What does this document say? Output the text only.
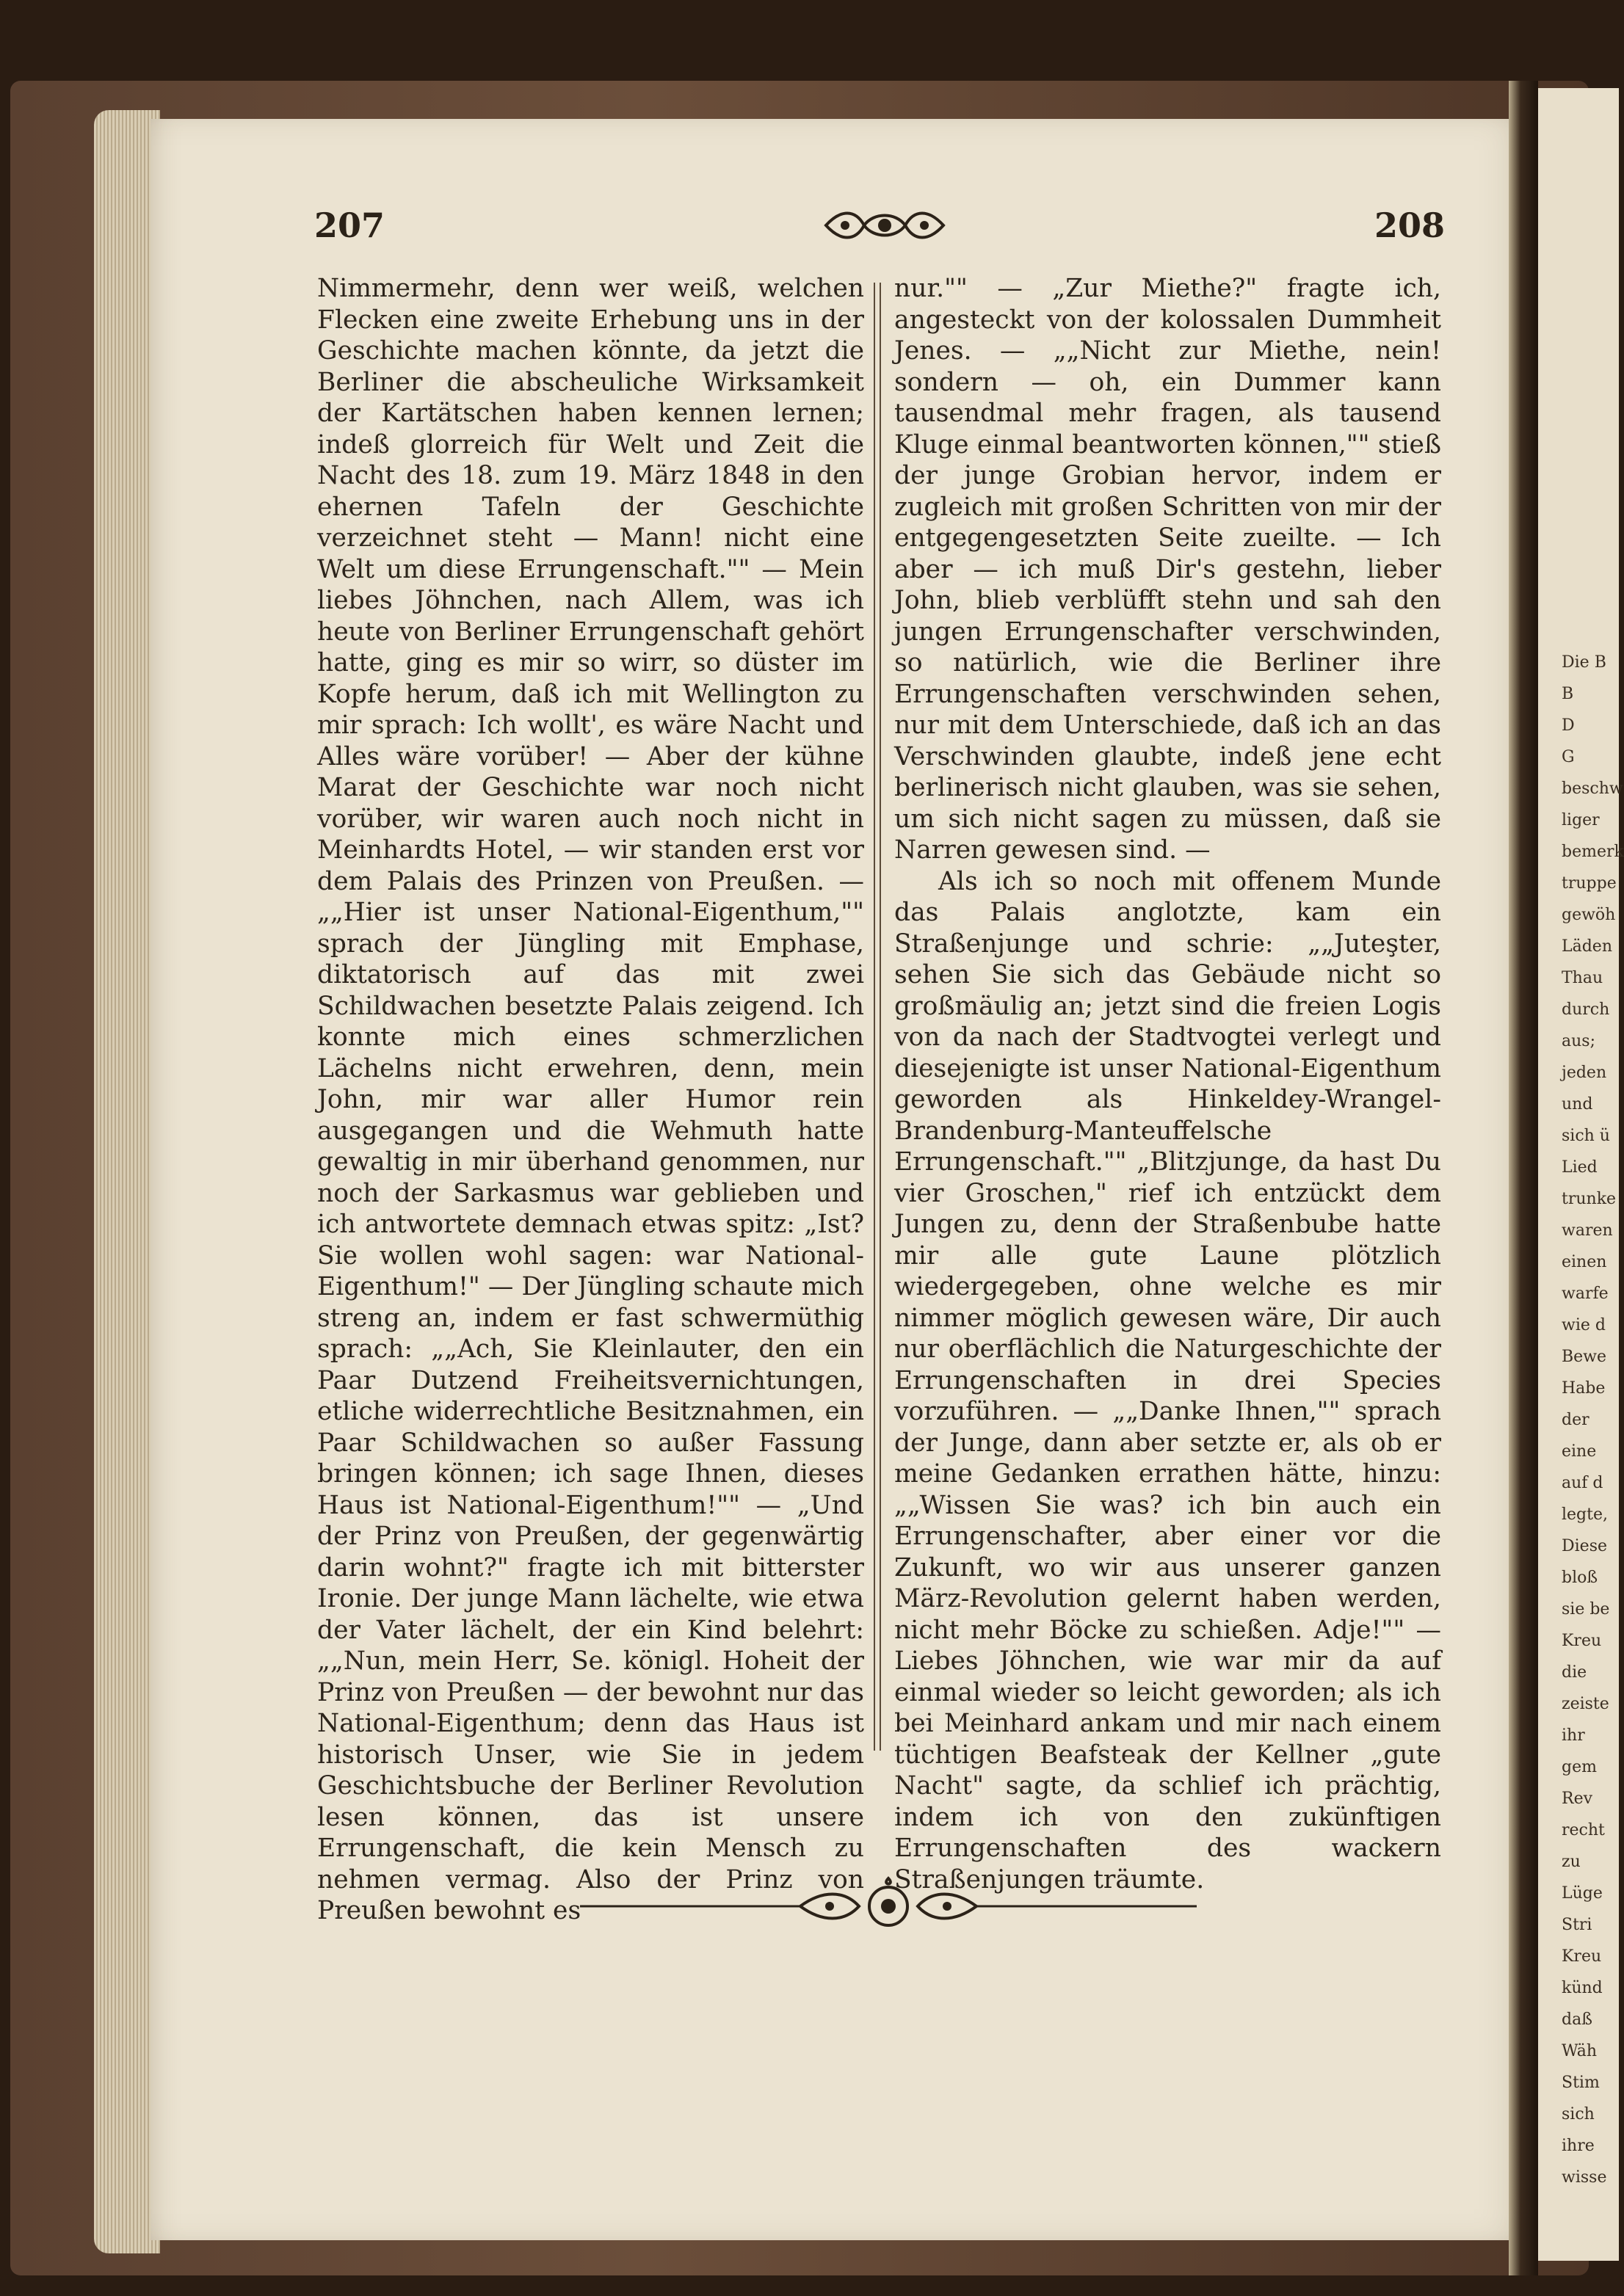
Die B
B
D
G
beschw
liger
bemerk
truppe
gewöh
Läden
Thau
durch
aus;
jeden
und
sich ü
Lied
trunke
waren
einen
warfe
wie d
Bewe
Habe
der
eine
auf d
legte,
Diese
bloß
sie be
Kreu
die
zeiste
ihr
gem
Rev
recht
zu
Lüge
Stri
Kreu
künd
daß
Wäh
Stim
sich
ihre
wisse
207	208

Nimmermehr, denn wer weiß, welchen Flecken eine zweite Erhebung uns in der Geschichte machen könnte, da jetzt die Berliner die abscheuliche Wirksamkeit der Kartätschen haben kennen lernen; indeß glorreich für Welt und Zeit die Nacht des 18. zum 19. März 1848 in den ehernen Tafeln der Geschichte verzeichnet steht — Mann! nicht eine Welt um diese Errungenschaft."" — Mein liebes Jöhnchen, nach Allem, was ich heute von Berliner Errungenschaft gehört hatte, ging es mir so wirr, so düster im Kopfe herum, daß ich mit Wellington zu mir sprach: Ich wollt', es wäre Nacht und Alles wäre vorüber! — Aber der kühne Marat der Geschichte war noch nicht vorüber, wir waren auch noch nicht in Meinhardts Hotel, — wir standen erst vor dem Palais des Prinzen von Preußen. — „„Hier ist unser National-Eigenthum,"" sprach der Jüngling mit Emphase, diktatorisch auf das mit zwei Schildwachen besetzte Palais zeigend. Ich konnte mich eines schmerzlichen Lächelns nicht erwehren, denn, mein John, mir war aller Humor rein ausgegangen und die Wehmuth hatte gewaltig in mir überhand genommen, nur noch der Sarkasmus war geblieben und ich antwortete demnach etwas spitz: „Ist? Sie wollen wohl sagen: war National-Eigenthum!" — Der Jüngling schaute mich streng an, indem er fast schwermüthig sprach: „„Ach, Sie Kleinlauter, den ein Paar Dutzend Freiheitsvernichtungen, etliche widerrechtliche Besitznahmen, ein Paar Schildwachen so außer Fassung bringen können; ich sage Ihnen, dieses Haus ist National-Eigenthum!"" — „Und der Prinz von Preußen, der gegenwärtig darin wohnt?" fragte ich mit bitterster Ironie. Der junge Mann lächelte, wie etwa der Vater lächelt, der ein Kind belehrt: „„Nun, mein Herr, Se. königl. Hoheit der Prinz von Preußen — der bewohnt nur das National-Eigenthum; denn das Haus ist historisch Unser, wie Sie in jedem Geschichtsbuche der Berliner Revolution lesen können, das ist unsere Errungenschaft, die kein Mensch zu nehmen vermag. Also der Prinz von Preußen bewohnt es

nur."" — „Zur Miethe?" fragte ich, angesteckt von der kolossalen Dummheit Jenes. — „„Nicht zur Miethe, nein! sondern — oh, ein Dummer kann tausendmal mehr fragen, als tausend Kluge einmal beantworten können,"" stieß der junge Grobian hervor, indem er zugleich mit großen Schritten von mir der entgegengesetzten Seite zueilte. — Ich aber — ich muß Dir's gestehn, lieber John, blieb verblüfft stehn und sah den jungen Errungenschafter verschwinden, so natürlich, wie die Berliner ihre Errungenschaften verschwinden sehen, nur mit dem Unterschiede, daß ich an das Verschwinden glaubte, indeß jene echt berlinerisch nicht glauben, was sie sehen, um sich nicht sagen zu müssen, daß sie Narren gewesen sind. —

Als ich so noch mit offenem Munde das Palais anglotzte, kam ein Straßenjunge und schrie: „„Juteşter, sehen Sie sich das Gebäude nicht so großmäulig an; jetzt sind die freien Logis von da nach der Stadtvogtei verlegt und diesejenigte ist unser National-Eigenthum geworden als Hinkeldey-Wrangel-Brandenburg-Manteuffelsche Errungenschaft."" „Blitzjunge, da hast Du vier Groschen," rief ich entzückt dem Jungen zu, denn der Straßenbube hatte mir alle gute Laune plötzlich wiedergegeben, ohne welche es mir nimmer möglich gewesen wäre, Dir auch nur oberflächlich die Naturgeschichte der Errungenschaften in drei Species vorzuführen. — „„Danke Ihnen,"" sprach der Junge, dann aber setzte er, als ob er meine Gedanken errathen hätte, hinzu: „„Wissen Sie was? ich bin auch ein Errungenschafter, aber einer vor die Zukunft, wo wir aus unserer ganzen März-Revolution gelernt haben werden, nicht mehr Böcke zu schießen. Adje!"" — Liebes Jöhnchen, wie war mir da auf einmal wieder so leicht geworden; als ich bei Meinhard ankam und mir nach einem tüchtigen Beafsteak der Kellner „gute Nacht" sagte, da schlief ich prächtig, indem ich von den zukünftigen Errungenschaften des wackern Straßenjungen träumte.
